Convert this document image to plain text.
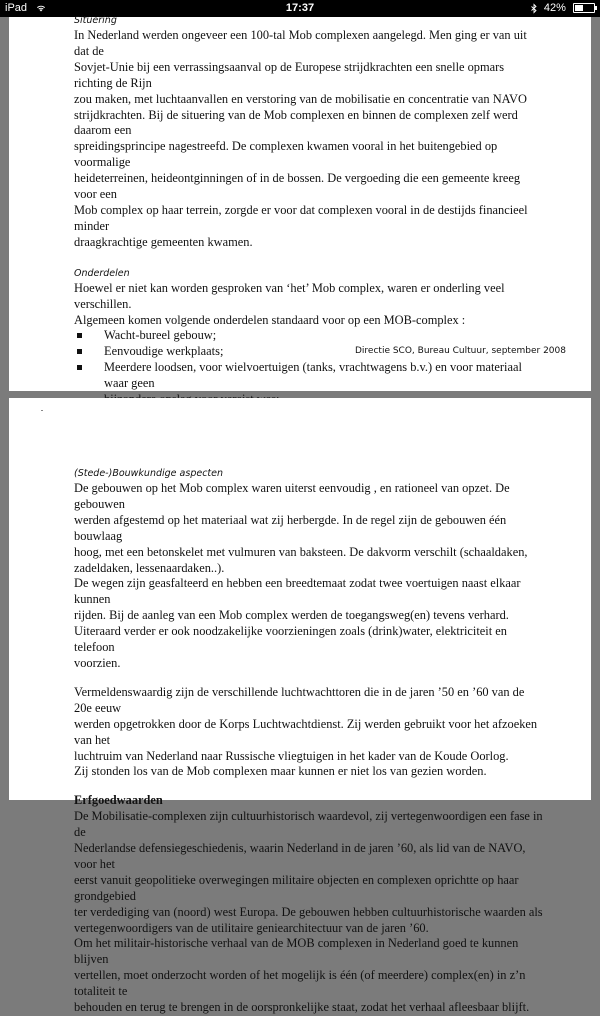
iPad	17:37	42%
Situering
In Nederland werden ongeveer een 100-tal Mob complexen aangelegd. Men ging er van uit dat de
Sovjet-Unie bij een verrassingsaanval op de Europese strijdkrachten een snelle opmars richting de Rijn
zou maken, met luchtaanvallen en verstoring van de mobilisatie en concentratie van NAVO
strijdkrachten. Bij de situering van de Mob complexen en binnen de complexen zelf werd daarom een
spreidingsprincipe nagestreefd. De complexen kwamen vooral in het buitengebied op voormalige
heideterreinen, heideontginningen of in de bossen. De vergoeding die een gemeente kreeg voor een
Mob complex op haar terrein, zorgde er voor dat complexen vooral in de destijds financieel minder
draagkrachtige gemeenten kwamen.
Onderdelen
Hoewel er niet kan worden gesproken van ‘het’ Mob complex, waren er onderling veel verschillen.
Algemeen komen volgende onderdelen standaard voor op een MOB-complex :
Wacht-bureel gebouw;
Eenvoudige werkplaats;
Meerdere loodsen, voor wielvoertuigen (tanks, vrachtwagens b.v.) en voor materiaal waar geen
Directie SCO, Bureau Cultuur, september 2008
(Stede-)Bouwkundige aspecten
De gebouwen op het Mob complex waren uiterst eenvoudig , en rationeel van opzet. De gebouwen
werden afgestemd op het materiaal wat zij herbergde. In de regel zijn de gebouwen één bouwlaag
hoog, met een betonskelet met vulmuren van baksteen. De dakvorm verschilt (schaaldaken,
zadeldaken, lessenaardaken..).
De wegen zijn geasfalteerd en hebben een breedtemaat zodat twee voertuigen naast elkaar kunnen
rijden. Bij de aanleg van een Mob complex werden de toegangsweg(en) tevens verhard.
Uiteraard verder er ook noodzakelijke voorzieningen zoals (drink)water, elektriciteit en telefoon
voorzien.
Vermeldenswaardig zijn de verschillende luchtwachttoren die in de jaren ’50 en ’60 van de 20e eeuw
werden opgetrokken door de Korps Luchtwachtdienst. Zij werden gebruikt voor het afzoeken van het
luchtruim van Nederland naar Russische vliegtuigen in het kader van de Koude Oorlog.
Zij stonden los van de Mob complexen maar kunnen er niet los van gezien worden.
Erfgoedwaarden
De Mobilisatie-complexen zijn cultuurhistorisch waardevol, zij vertegenwoordigen een fase in de
Nederlandse defensiegeschiedenis, waarin Nederland in de jaren ’60, als lid van de NAVO, voor het
eerst vanuit geopolitieke overwegingen militaire objecten en complexen oprichtte op haar grondgebied
ter verdediging van (noord) west Europa. De gebouwen hebben cultuurhistorische waarden als
vertegenwoordigers van de utilitaire geniearchitectuur van de jaren ’60.
Om het militair-historische verhaal van de MOB complexen in Nederland goed te kunnen blijven
vertellen, moet onderzocht worden of het mogelijk is één (of meerdere) complex(en) in z’n totaliteit te
behouden en terug te brengen in de oorspronkelijke staat, zodat het verhaal afleesbaar blijft.
